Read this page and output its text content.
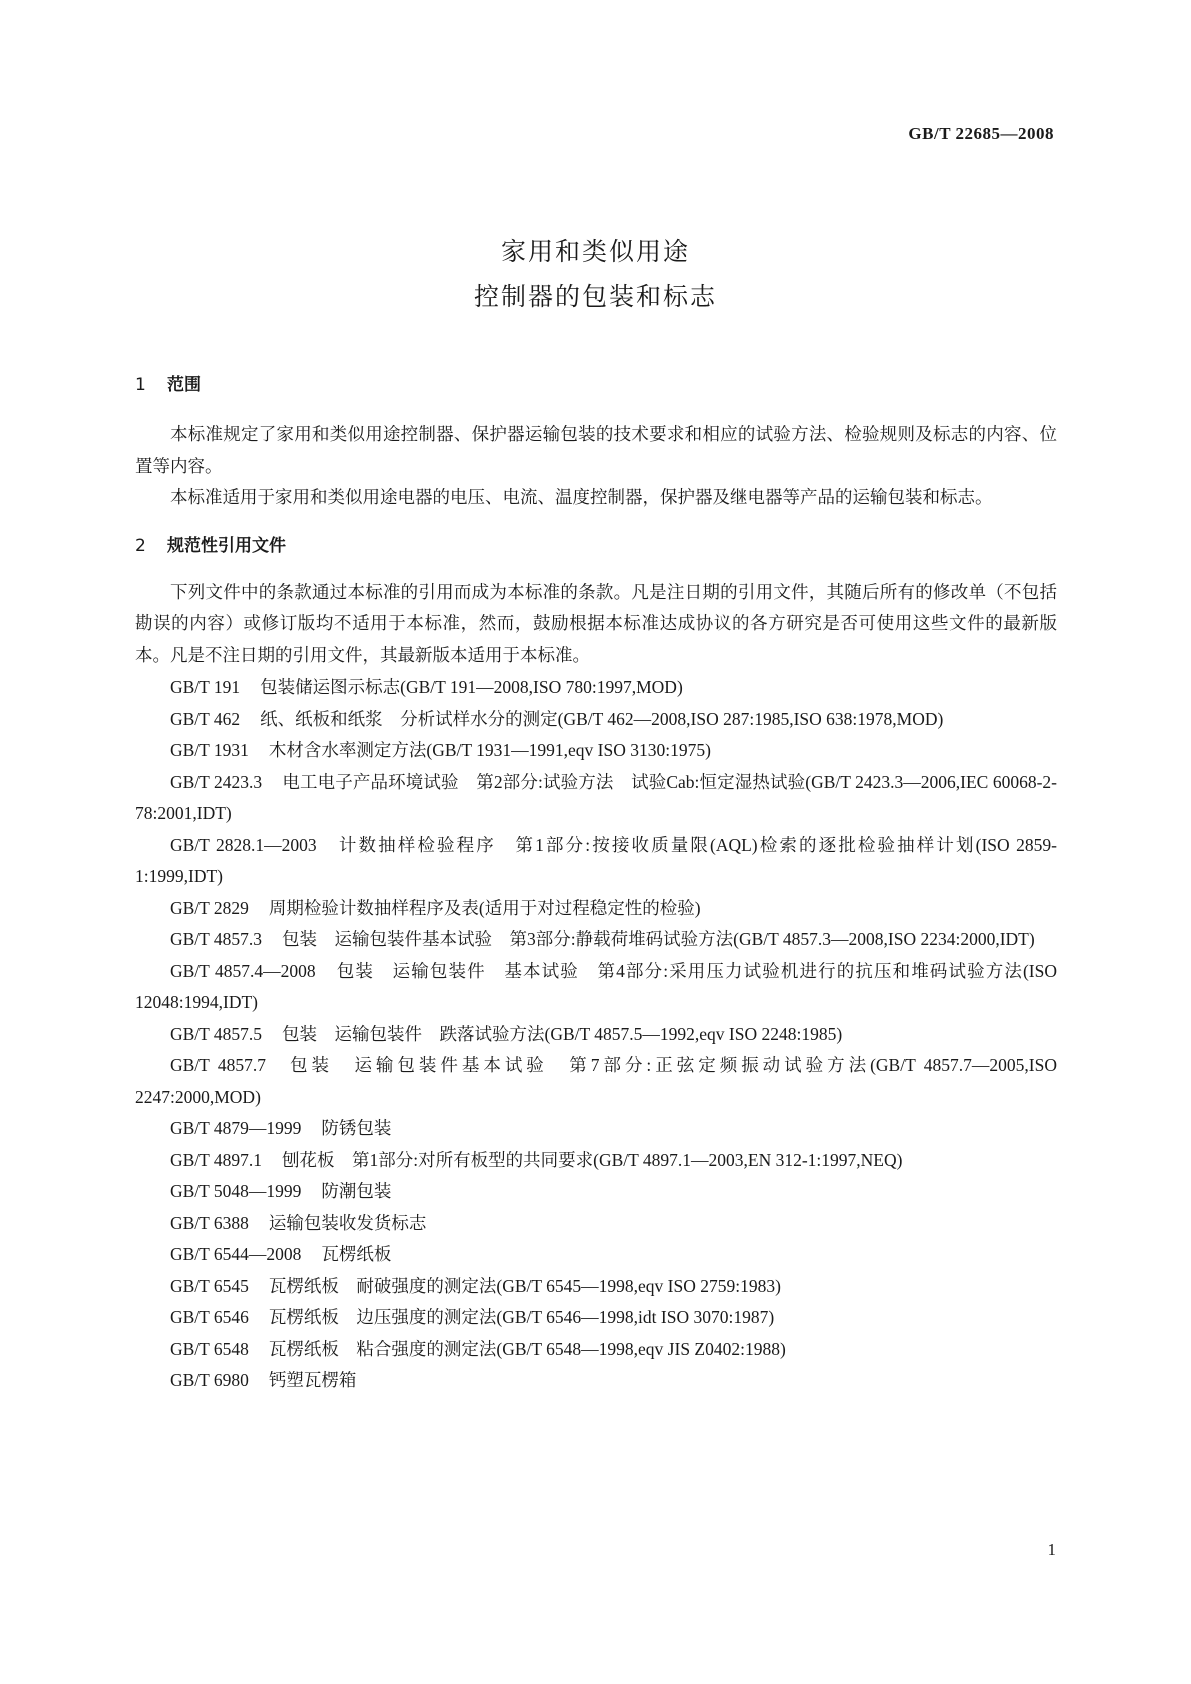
GB/T 22685—2008
家用和类似用途
控制器的包装和标志
1 范围

本标准规定了家用和类似用途控制器、保护器运输包装的技术要求和相应的试验方法、检验规则及标志的内容、位置等内容。

本标准适用于家用和类似用途电器的电压、电流、温度控制器，保护器及继电器等产品的运输包装和标志。

2 规范性引用文件

下列文件中的条款通过本标准的引用而成为本标准的条款。凡是注日期的引用文件，其随后所有的修改单（不包括勘误的内容）或修订版均不适用于本标准，然而，鼓励根据本标准达成协议的各方研究是否可使用这些文件的最新版本。凡是不注日期的引用文件，其最新版本适用于本标准。

GB/T 191 包装储运图示标志(GB/T 191—2008,ISO 780:1997,MOD)

GB/T 462 纸、纸板和纸浆　分析试样水分的测定(GB/T 462—2008,ISO 287:1985,ISO 638:1978,MOD)

GB/T 1931 木材含水率测定方法(GB/T 1931—1991,eqv ISO 3130:1975)

GB/T 2423.3 电工电子产品环境试验　第2部分:试验方法　试验Cab:恒定湿热试验(GB/T 2423.3—2006,IEC 60068-2-78:2001,IDT)

GB/T 2828.1—2003 计数抽样检验程序　第1部分:按接收质量限(AQL)检索的逐批检验抽样计划(ISO 2859-1:1999,IDT)

GB/T 2829 周期检验计数抽样程序及表(适用于对过程稳定性的检验)

GB/T 4857.3 包装　运输包装件基本试验　第3部分:静载荷堆码试验方法(GB/T 4857.3—2008,ISO 2234:2000,IDT)

GB/T 4857.4—2008 包装　运输包装件　基本试验　第4部分:采用压力试验机进行的抗压和堆码试验方法(ISO 12048:1994,IDT)

GB/T 4857.5 包装　运输包装件　跌落试验方法(GB/T 4857.5—1992,eqv ISO 2248:1985)

GB/T 4857.7 包装　运输包装件基本试验　第7部分:正弦定频振动试验方法(GB/T 4857.7—2005,ISO 2247:2000,MOD)

GB/T 4879—1999 防锈包装

GB/T 4897.1 刨花板　第1部分:对所有板型的共同要求(GB/T 4897.1—2003,EN 312-1:1997,NEQ)

GB/T 5048—1999 防潮包装

GB/T 6388 运输包装收发货标志

GB/T 6544—2008 瓦楞纸板

GB/T 6545 瓦楞纸板　耐破强度的测定法(GB/T 6545—1998,eqv ISO 2759:1983)

GB/T 6546 瓦楞纸板　边压强度的测定法(GB/T 6546—1998,idt ISO 3070:1987)

GB/T 6548 瓦楞纸板　粘合强度的测定法(GB/T 6548—1998,eqv JIS Z0402:1988)

GB/T 6980 钙塑瓦楞箱

1
